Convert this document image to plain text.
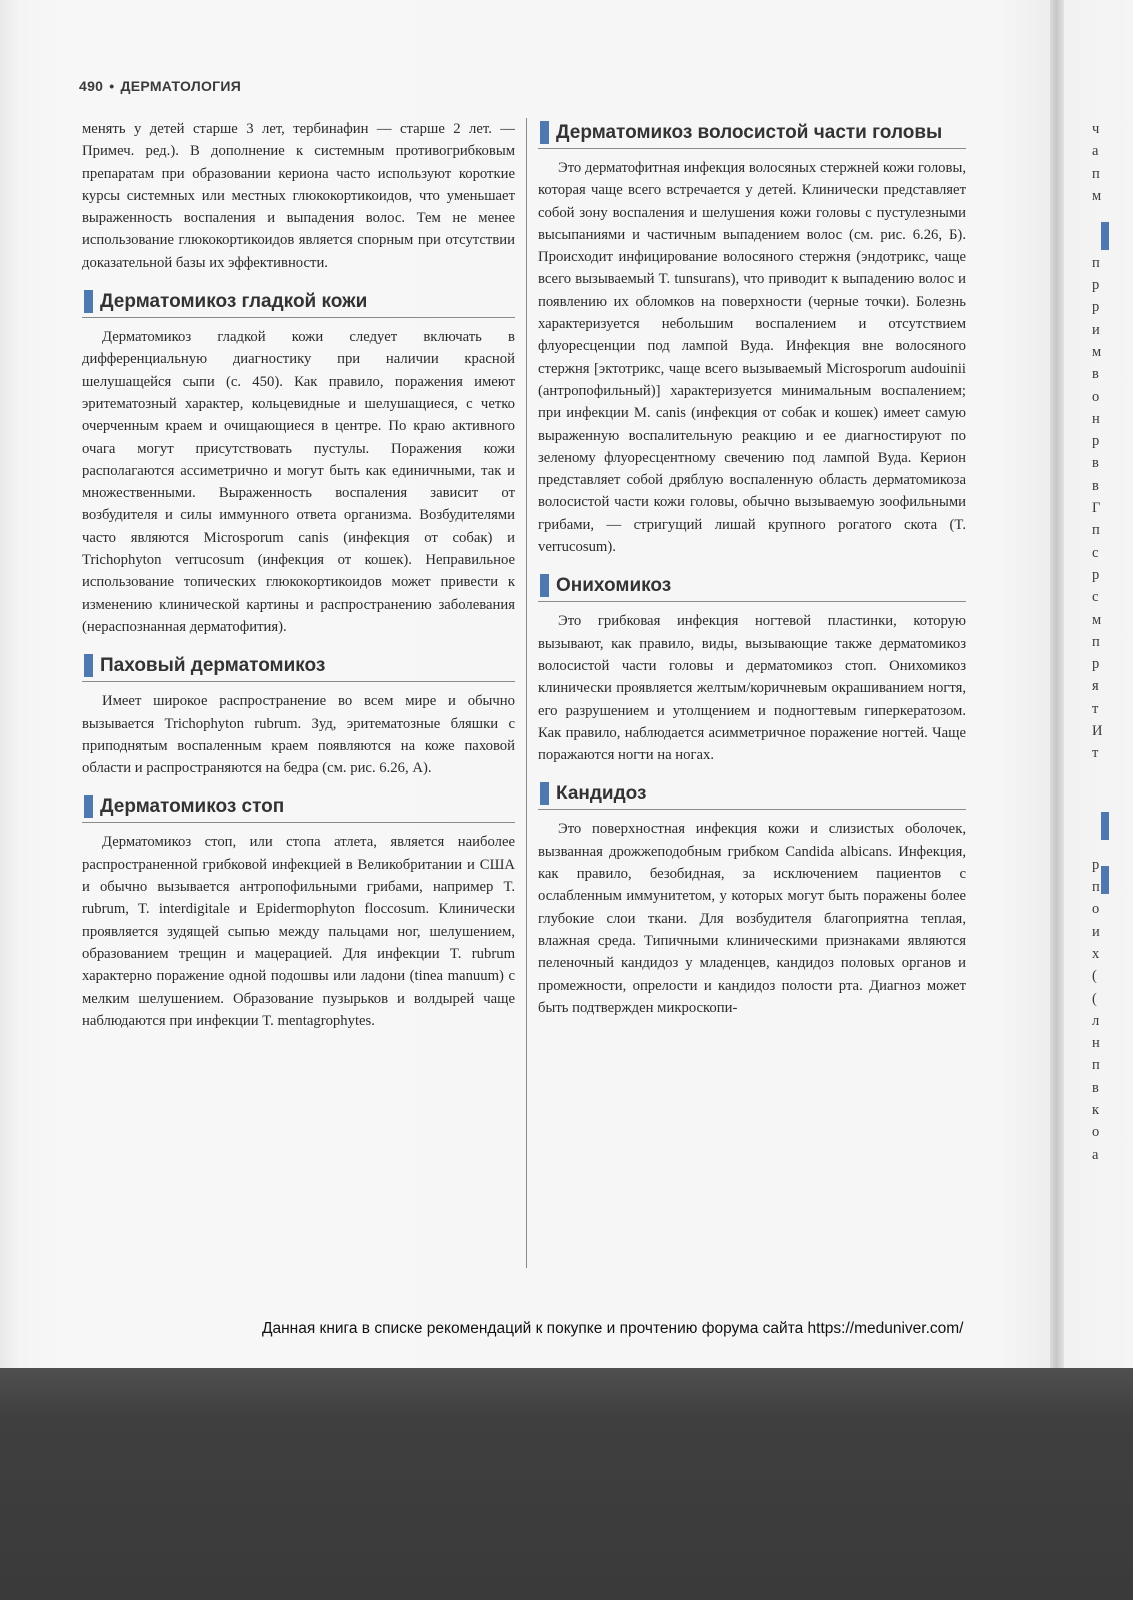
490 • ДЕРМАТОЛОГИЯ

менять у детей старше 3 лет, тербинафин — старше 2 лет. — Примеч. ред.). В дополнение к системным противогрибковым препаратам при образовании кериона часто используют короткие курсы системных или местных глюкокортикоидов, что уменьшает выраженность воспаления и выпадения волос. Тем не менее использование глюкокортикоидов является спорным при отсутствии доказательной базы их эффективности.

Дерматомикоз гладкой кожи

Дерматомикоз гладкой кожи следует включать в дифференциальную диагностику при наличии красной шелушащейся сыпи (с. 450). Как правило, поражения имеют эритематозный характер, кольцевидные и шелушащиеся, с четко очерченным краем и очищающиеся в центре. По краю активного очага могут присутствовать пустулы. Поражения кожи располагаются ассиметрично и могут быть как единичными, так и множественными. Выраженность воспаления зависит от возбудителя и силы иммунного ответа организма. Возбудителями часто являются Microsporum canis (инфекция от собак) и Trichophyton verrucosum (инфекция от кошек). Неправильное использование топических глюкокортикоидов может привести к изменению клинической картины и распространению заболевания (нераспознанная дерматофития).

Паховый дерматомикоз

Имеет широкое распространение во всем мире и обычно вызывается Trichophyton rubrum. Зуд, эритематозные бляшки с приподнятым воспаленным краем появляются на коже паховой области и распространяются на бедра (см. рис. 6.26, А).

Дерматомикоз стоп

Дерматомикоз стоп, или стопа атлета, является наиболее распространенной грибковой инфекцией в Великобритании и США и обычно вызывается антропофильными грибами, например T. rubrum, T. interdigitale и Epidermophyton floccosum. Клинически проявляется зудящей сыпью между пальцами ног, шелушением, образованием трещин и мацерацией. Для инфекции T. rubrum характерно поражение одной подошвы или ладони (tinea manuum) с мелким шелушением. Образование пузырьков и волдырей чаще наблюдаются при инфекции T. mentagrophytes.

Дерматомикоз волосистой части головы

Это дерматофитная инфекция волосяных стержней кожи головы, которая чаще всего встречается у детей. Клинически представляет собой зону воспаления и шелушения кожи головы с пустулезными высыпаниями и частичным выпадением волос (см. рис. 6.26, Б). Происходит инфицирование волосяного стержня (эндотрикс, чаще всего вызываемый T. tunsurans), что приводит к выпадению волос и появлению их обломков на поверхности (черные точки). Болезнь характеризуется небольшим воспалением и отсутствием флуоресценции под лампой Вуда. Инфекция вне волосяного стержня [эктотрикс, чаще всего вызываемый Microsporum audouinii (антропофильный)] характеризуется минимальным воспалением; при инфекции M. canis (инфекция от собак и кошек) имеет самую выраженную воспалительную реакцию и ее диагностируют по зеленому флуоресцентному свечению под лампой Вуда. Керион представляет собой дряблую воспаленную область дерматомикоза волосистой части кожи головы, обычно вызываемую зоофильными грибами, — стригущий лишай крупного рогатого скота (T. verrucosum).

Онихомикоз

Это грибковая инфекция ногтевой пластинки, которую вызывают, как правило, виды, вызывающие также дерматомикоз волосистой части головы и дерматомикоз стоп. Онихомикоз клинически проявляется желтым/коричневым окрашиванием ногтя, его разрушением и утолщением и подногтевым гиперкератозом. Как правило, наблюдается асимметричное поражение ногтей. Чаще поражаются ногти на ногах.

Кандидоз

Это поверхностная инфекция кожи и слизистых оболочек, вызванная дрожжеподобным грибком Candida albicans. Инфекция, как правило, безобидная, за исключением пациентов с ослабленным иммунитетом, у которых могут быть поражены более глубокие слои ткани. Для возбудителя благоприятна теплая, влажная среда. Типичными клиническими признаками являются пеленочный кандидоз у младенцев, кандидоз половых органов и промежности, опрелости и кандидоз полости рта. Диагноз может быть подтвержден микроскопи-

ч
а
п
м
п
р
р
и
м
в
о
н
р
в
в
Г
п
с
р
с
м
п
р
я
т
И
т
р
п
о
и
х
(
(
л
н
п
в
к
о
а
Данная книга в списке рекомендаций к покупке и прочтению форума сайта https://meduniver.com/
